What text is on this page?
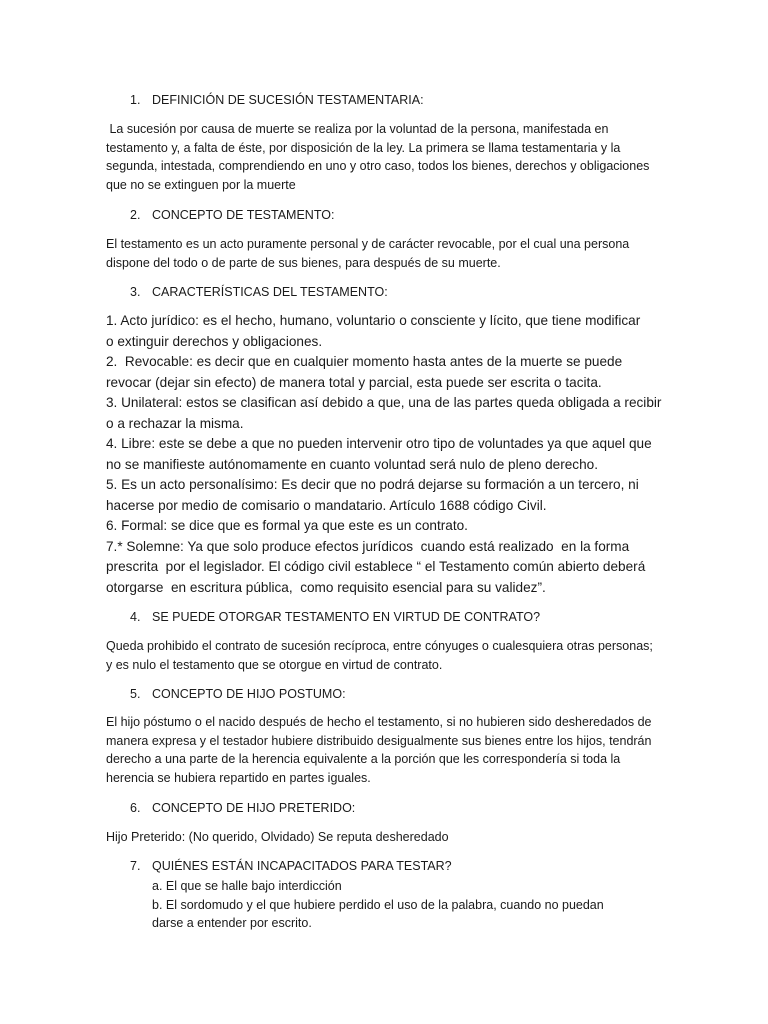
1. DEFINICIÓN DE SUCESIÓN TESTAMENTARIA:

La sucesión por causa de muerte se realiza por la voluntad de la persona, manifestada en

testamento y, a falta de éste, por disposición de la ley. La primera se llama testamentaria y la

segunda, intestada, comprendiendo en uno y otro caso, todos los bienes, derechos y obligaciones

que no se extinguen por la muerte

2. CONCEPTO DE TESTAMENTO:

El testamento es un acto puramente personal y de carácter revocable, por el cual una persona

dispone del todo o de parte de sus bienes, para después de su muerte.

3. CARACTERÍSTICAS DEL TESTAMENTO:

1. Acto jurídico: es el hecho, humano, voluntario o consciente y lícito, que tiene modificar

o extinguir derechos y obligaciones.

2.  Revocable: es decir que en cualquier momento hasta antes de la muerte se puede

revocar (dejar sin efecto) de manera total y parcial, esta puede ser escrita o tacita.

3. Unilateral: estos se clasifican así debido a que, una de las partes queda obligada a recibir

o a rechazar la misma.

4. Libre: este se debe a que no pueden intervenir otro tipo de voluntades ya que aquel que

no se manifieste autónomamente en cuanto voluntad será nulo de pleno derecho.

5. Es un acto personalísimo: Es decir que no podrá dejarse su formación a un tercero, ni

hacerse por medio de comisario o mandatario. Artículo 1688 código Civil.

6. Formal: se dice que es formal ya que este es un contrato.

7.* Solemne: Ya que solo produce efectos jurídicos  cuando está realizado  en la forma

prescrita  por el legislador. El código civil establece “ el Testamento común abierto deberá

otorgarse  en escritura pública,  como requisito esencial para su validez”.

4. SE PUEDE OTORGAR TESTAMENTO EN VIRTUD DE CONTRATO?

Queda prohibido el contrato de sucesión recíproca, entre cónyuges o cualesquiera otras personas;

y es nulo el testamento que se otorgue en virtud de contrato.

5. CONCEPTO DE HIJO POSTUMO:

El hijo póstumo o el nacido después de hecho el testamento, si no hubieren sido desheredados de

manera expresa y el testador hubiere distribuido desigualmente sus bienes entre los hijos, tendrán

derecho a una parte de la herencia equivalente a la porción que les correspondería si toda la

herencia se hubiera repartido en partes iguales.

6. CONCEPTO DE HIJO PRETERIDO:

Hijo Preterido: (No querido, Olvidado) Se reputa desheredado

7. QUIÉNES ESTÁN INCAPACITADOS PARA TESTAR?

a. El que se halle bajo interdicción

b. El sordomudo y el que hubiere perdido el uso de la palabra, cuando no puedan

darse a entender por escrito.
